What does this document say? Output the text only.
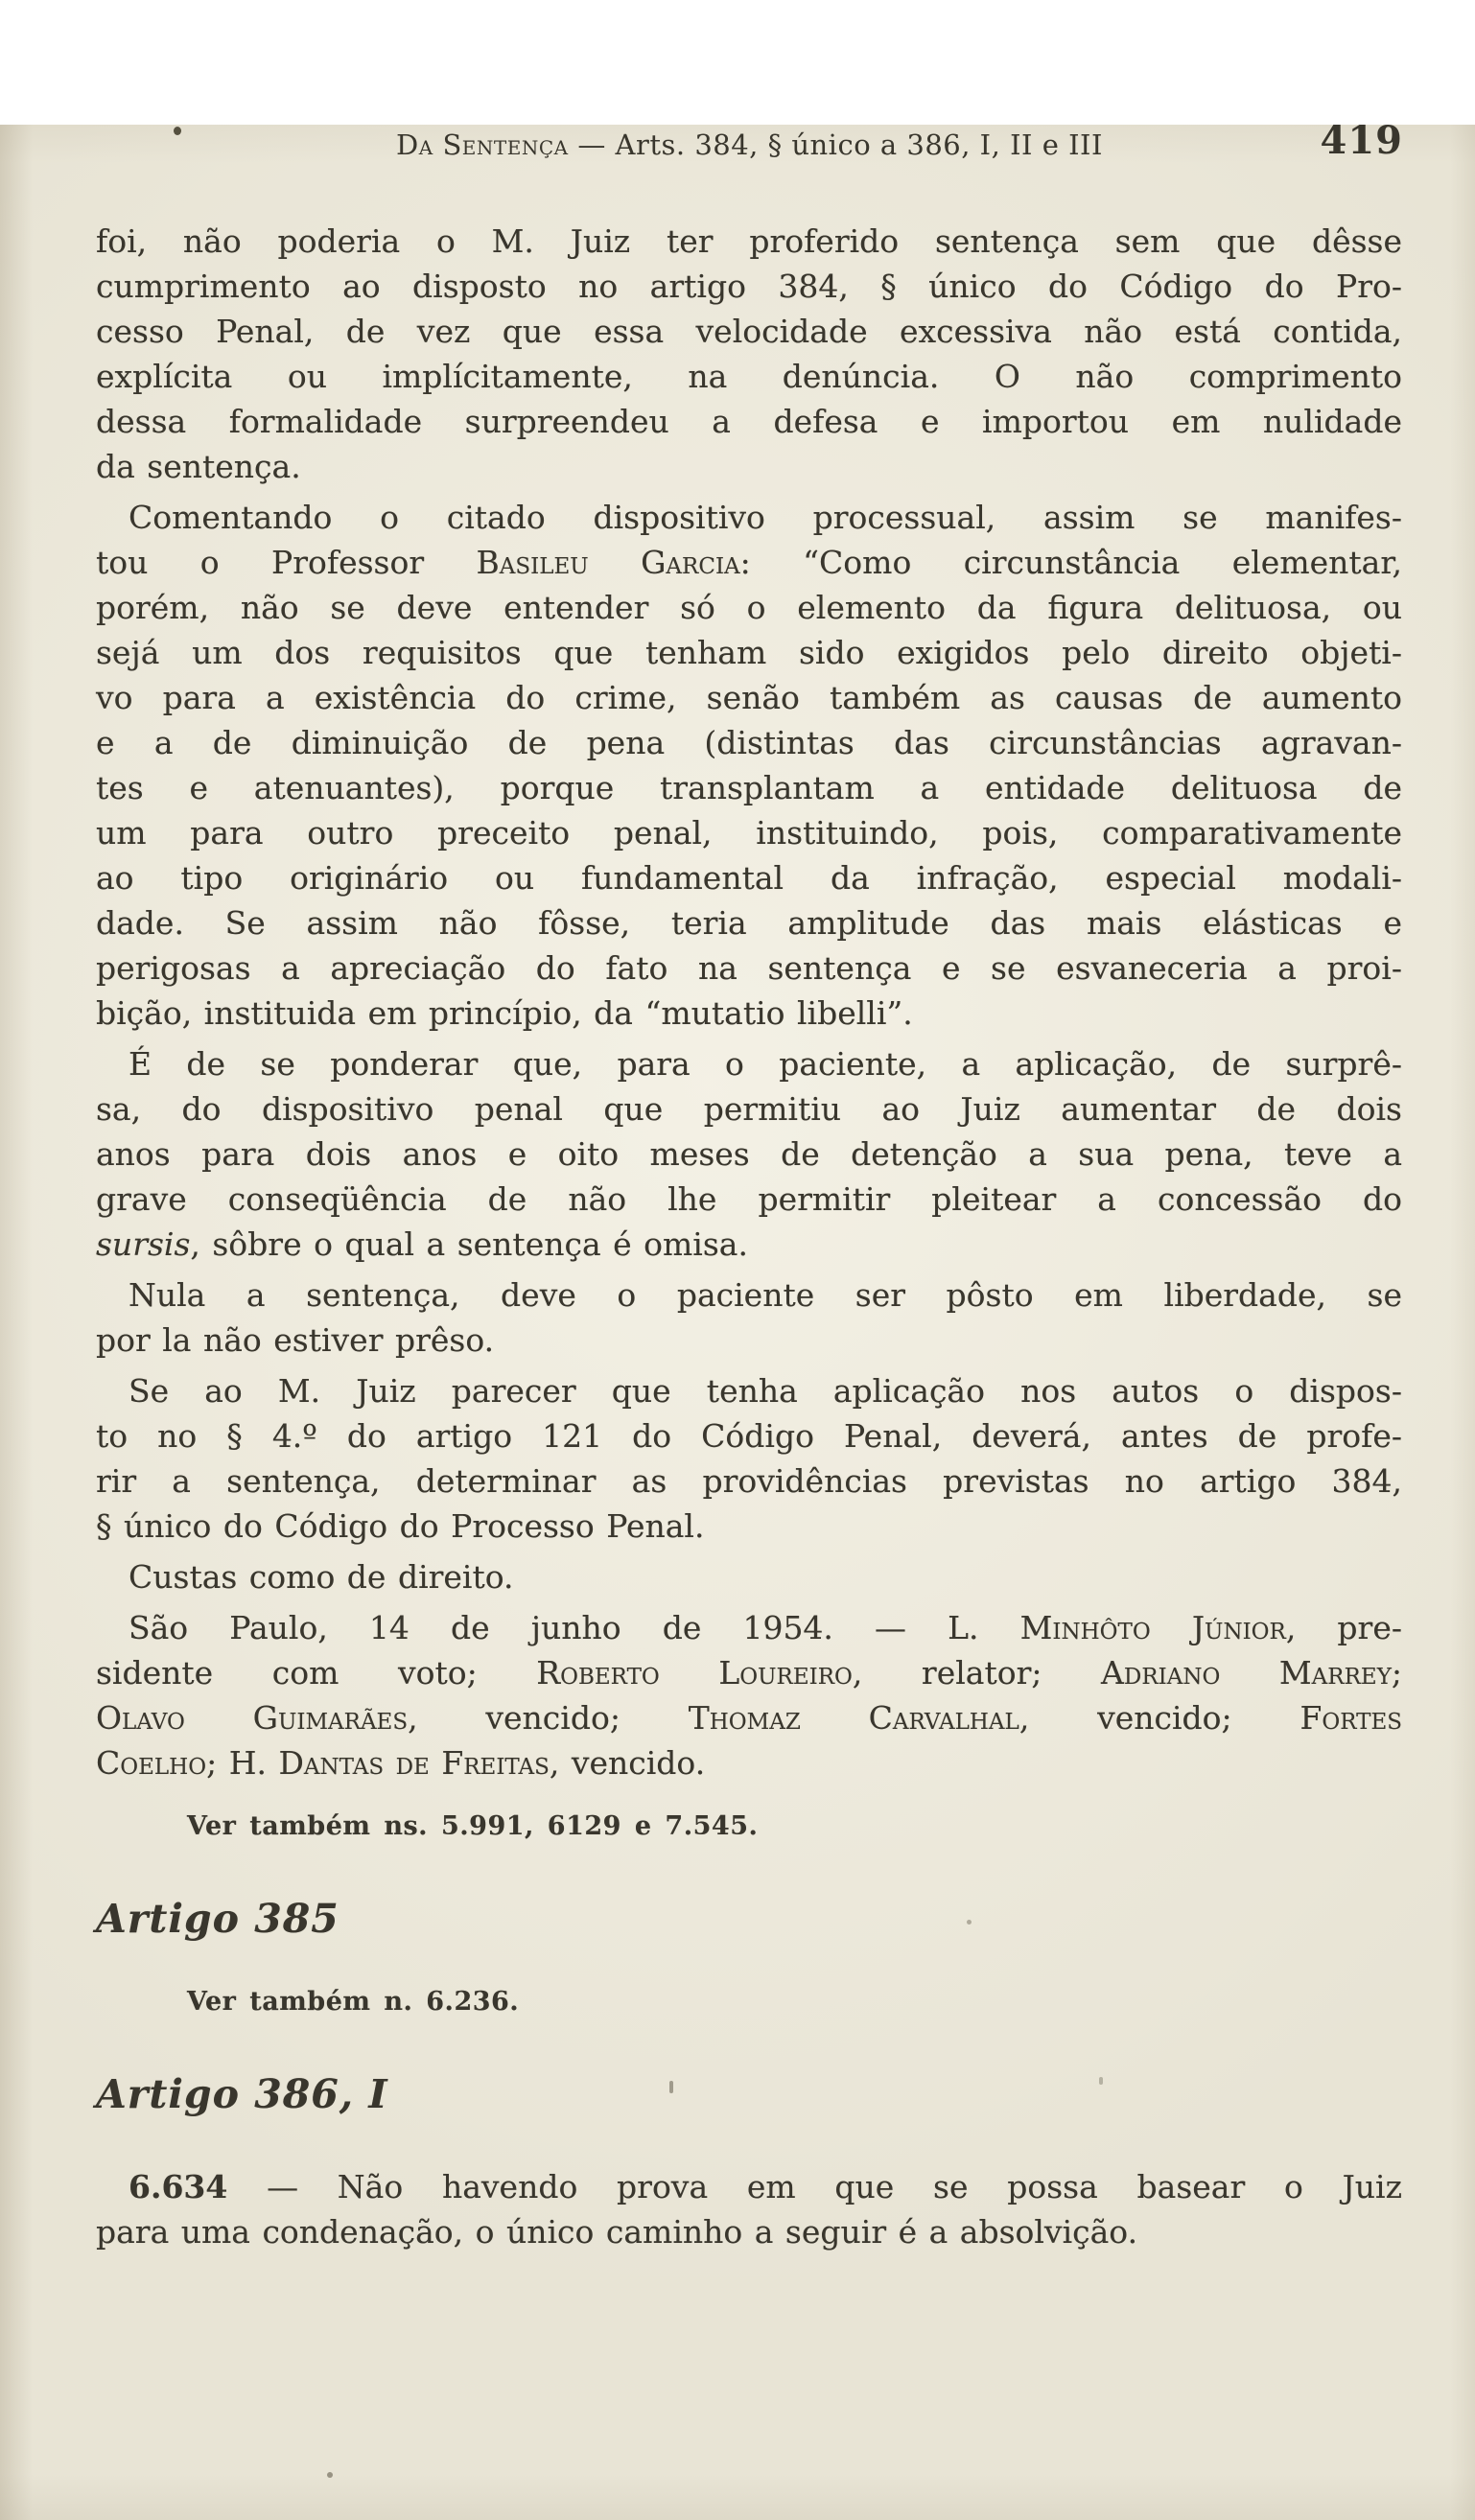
Da Sentença — Arts. 384, § único a 386, I, II e III	419
foi, não poderia o M. Juiz ter proferido sentença sem que dêsse
cumprimento ao disposto no artigo 384, § único do Código do Pro-
cesso Penal, de vez que essa velocidade excessiva não está contida,
explícita ou implícitamente, na denúncia. O não comprimento
dessa formalidade surpreendeu a defesa e importou em nulidade
da sentença.
Comentando o citado dispositivo processual, assim se manifes-
tou o Professor Basileu Garcia: “Como circunstância elementar,
porém, não se deve entender só o elemento da figura delituosa, ou
sejá um dos requisitos que tenham sido exigidos pelo direito objeti-
vo para a existência do crime, senão também as causas de aumento
e a de diminuição de pena (distintas das circunstâncias agravan-
tes e atenuantes), porque transplantam a entidade delituosa de
um para outro preceito penal, instituindo, pois, comparativamente
ao tipo originário ou fundamental da infração, especial modali-
dade. Se assim não fôsse, teria amplitude das mais elásticas e
perigosas a apreciação do fato na sentença e se esvaneceria a proi-
bição, instituida em princípio, da “mutatio libelli”.
É de se ponderar que, para o paciente, a aplicação, de surprê-
sa, do dispositivo penal que permitiu ao Juiz aumentar de dois
anos para dois anos e oito meses de detenção a sua pena, teve a
grave conseqüência de não lhe permitir pleitear a concessão do
sursis, sôbre o qual a sentença é omisa.
Nula a sentença, deve o paciente ser pôsto em liberdade, se
por la não estiver prêso.
Se ao M. Juiz parecer que tenha aplicação nos autos o dispos-
to no § 4.º do artigo 121 do Código Penal, deverá, antes de profe-
rir a sentença, determinar as providências previstas no artigo 384,
§ único do Código do Processo Penal.
Custas como de direito.
São Paulo, 14 de junho de 1954. — L. Minhôto Júnior, pre-
sidente com voto; Roberto Loureiro, relator; Adriano Marrey;
Olavo Guimarães, vencido; Thomaz Carvalhal, vencido; Fortes
Coelho; H. Dantas de Freitas, vencido.
Ver também ns. 5.991, 6129 e 7.545.
Artigo 385
Ver também n. 6.236.
Artigo 386, I
6.634 — Não havendo prova em que se possa basear o Juiz
para uma condenação, o único caminho a seguir é a absolvição.
